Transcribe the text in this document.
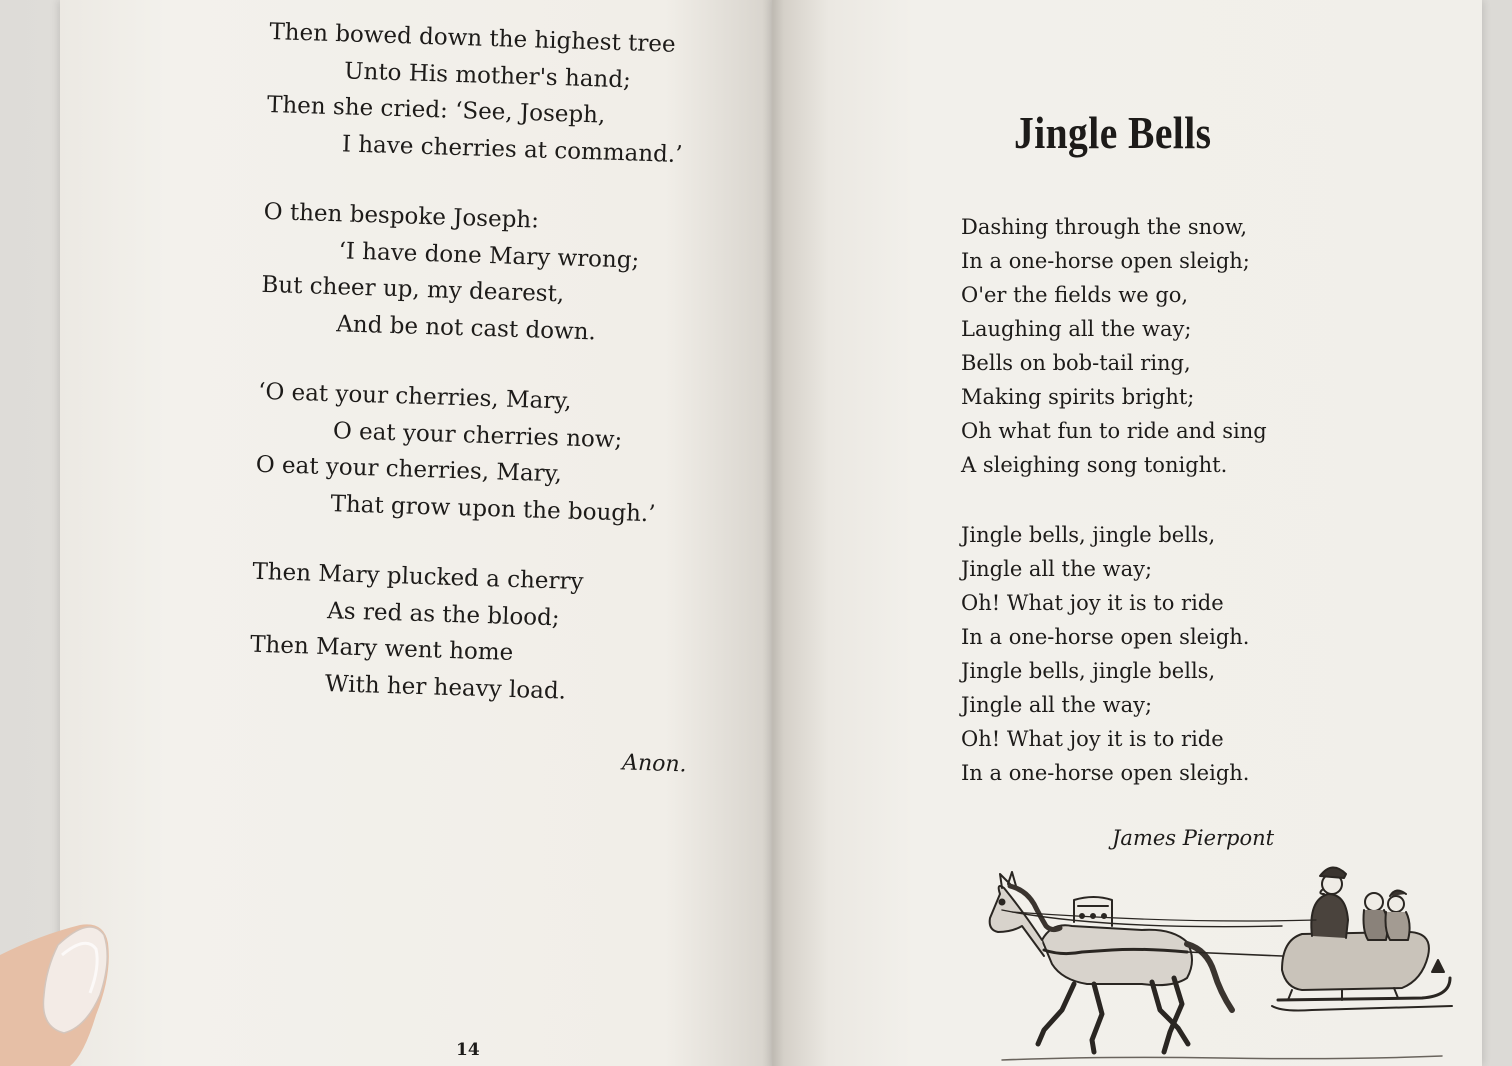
Then bowed down the highest tree
Unto His mother's hand;
Then she cried: ‘See, Joseph,
I have cherries at command.’
O then bespoke Joseph:
‘I have done Mary wrong;
But cheer up, my dearest,
And be not cast down.
‘O eat your cherries, Mary,
O eat your cherries now;
O eat your cherries, Mary,
That grow upon the bough.’
Then Mary plucked a cherry
As red as the blood;
Then Mary went home
With her heavy load.
Anon.
14
Jingle Bells
Dashing through the snow,
In a one-horse open sleigh;
O'er the fields we go,
Laughing all the way;
Bells on bob-tail ring,
Making spirits bright;
Oh what fun to ride and sing
A sleighing song tonight.
Jingle bells, jingle bells,
Jingle all the way;
Oh! What joy it is to ride
In a one-horse open sleigh.
Jingle bells, jingle bells,
Jingle all the way;
Oh! What joy it is to ride
In a one-horse open sleigh.
James Pierpont
